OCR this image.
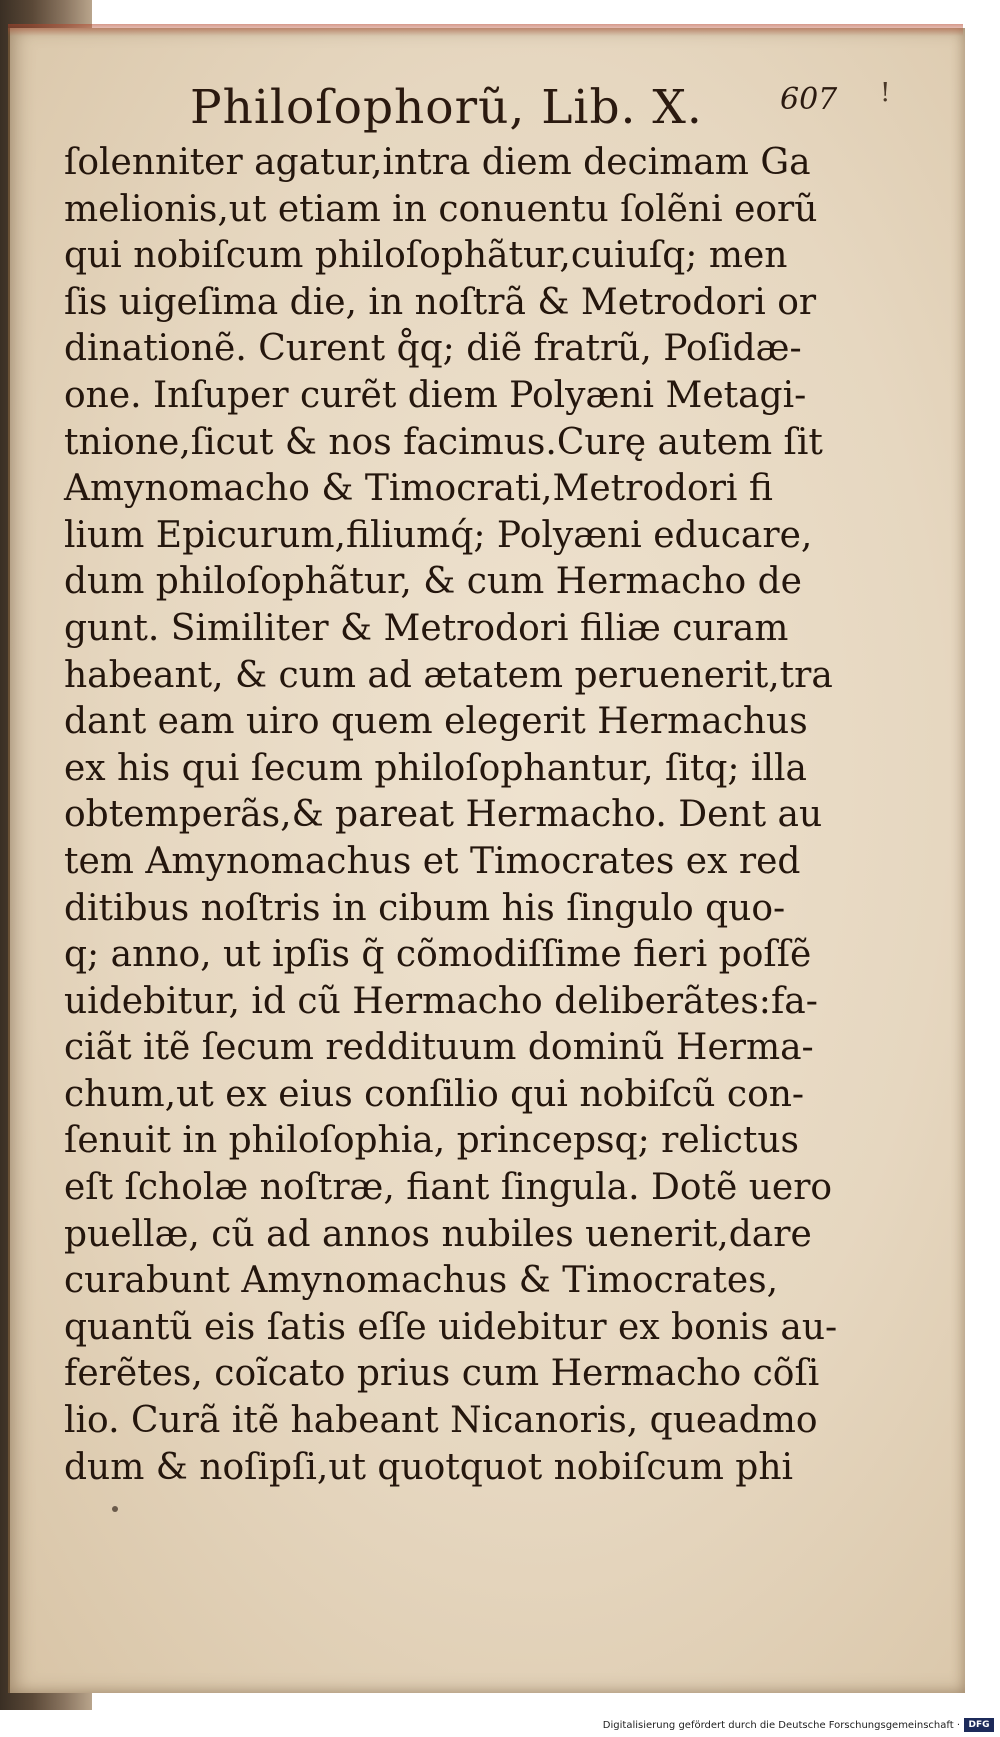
Philoſophorũ, Lib. X.	607 !
ſolenniter agatur,intra diem decimam Ga
melionis,ut etiam in conuentu ſolẽni eorũ
qui nobiſcum philoſophãtur,cuiuſq; men
ſis uigeſima die, in noſtrã & Metrodori or
dinationẽ. Curent q̊q; diẽ fratrũ, Poſidæ-
one. Inſuper curẽt diem Polyæni Metagi-
tnione,ſicut & nos facimus.Curę autem ſit
Amynomacho & Timocrati,Metrodori fi
lium Epicurum,filiumq́; Polyæni educare,
dum philoſophãtur, & cum Hermacho de
gunt. Similiter & Metrodori filiæ curam
habeant, & cum ad ætatem peruenerit,tra
dant eam uiro quem elegerit Hermachus
ex his qui ſecum philoſophantur, ſitq; illa
obtemperãs,& pareat Hermacho. Dent au
tem Amynomachus et Timocrates ex red
ditibus noſtris in cibum his ſingulo quo-
q; anno, ut ipſis q̃ cõmodiſſime fieri poſſẽ
uidebitur, id cũ Hermacho deliberãtes:fa-
ciãt itẽ ſecum reddituum dominũ Herma-
chum,ut ex eius conſilio qui nobiſcũ con-
ſenuit in philoſophia, princepsq; relictus
eſt ſcholæ noſtræ, fiant ſingula. Dotẽ uero
puellæ, cũ ad annos nubiles uenerit,dare
curabunt Amynomachus & Timocrates,
quantũ eis ſatis eſſe uidebitur ex bonis au-
ferẽtes, coĩcato prius cum Hermacho cõſi
lio. Curã itẽ habeant Nicanoris, queadmo
dum & noſipſi,ut quotquot nobiſcum phi
Digitalisierung gefördert durch die Deutsche Forschungsgemeinschaft · DFG
